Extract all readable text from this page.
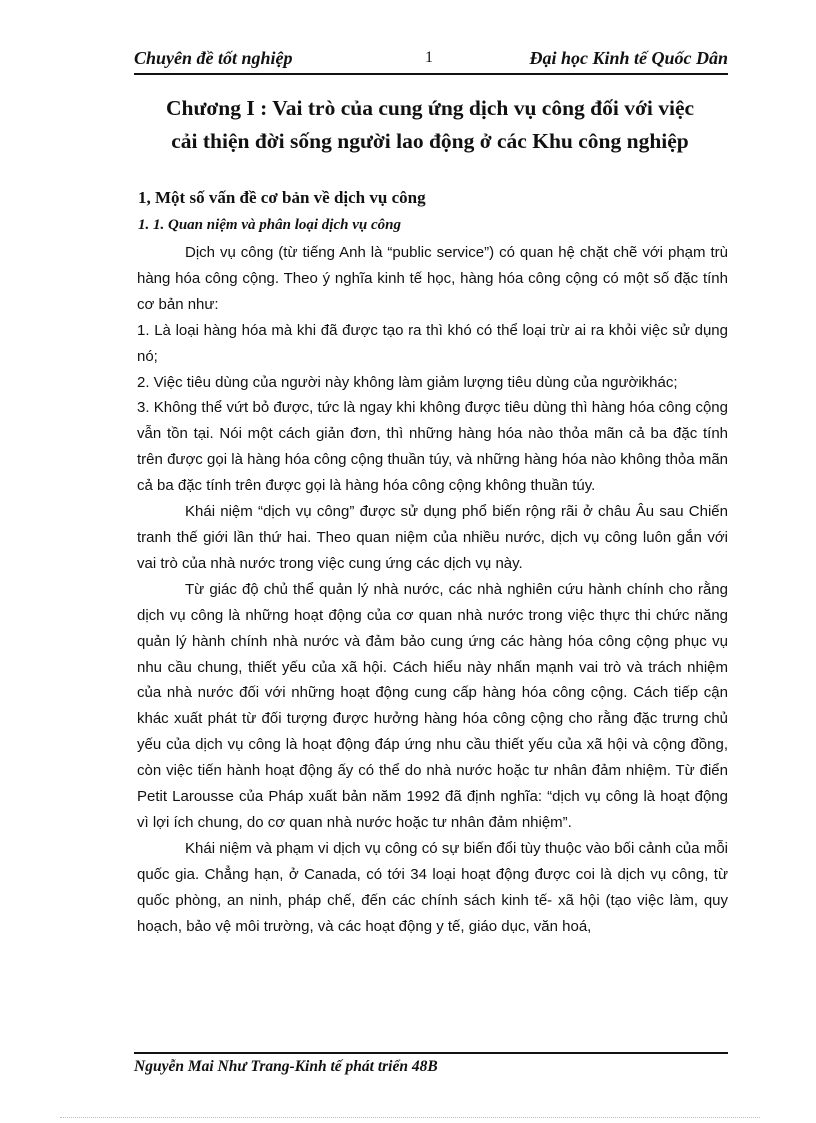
Chuyên đề tốt nghiệp	1	Đại học Kinh tế Quốc Dân
Chương I : Vai trò của cung ứng dịch vụ công đối với việc
cải thiện đời sống người lao động ở các Khu công nghiệp
1, Một số vấn đề cơ bản về dịch vụ công
1. 1. Quan niệm và phân loại dịch vụ công

Dịch vụ công (từ tiếng Anh là “public service”) có quan hệ chặt chẽ với phạm trù hàng hóa công cộng. Theo ý nghĩa kinh tế học, hàng hóa công cộng có một số đặc tính cơ bản như:

1. Là loại hàng hóa mà khi đã được tạo ra thì khó có thể loại trừ ai ra khỏi việc sử dụng nó;

2. Việc tiêu dùng của người này không làm giảm lượng tiêu dùng của ngườikhác;

3. Không thể vứt bỏ được, tức là ngay khi không được tiêu dùng thì hàng hóa công cộng vẫn tồn tại. Nói một cách giản đơn, thì những hàng hóa nào thỏa mãn cả ba đặc tính trên được gọi là hàng hóa công cộng thuần túy, và những hàng hóa nào không thỏa mãn cả ba đặc tính trên được gọi là hàng hóa công cộng không thuần túy.

Khái niệm “dịch vụ công” được sử dụng phổ biến rộng rãi ở châu Âu sau Chiến tranh thế giới lần thứ hai. Theo quan niệm của nhiều nước, dịch vụ công luôn gắn với vai trò của nhà nước trong việc cung ứng các dịch vụ này.

Từ giác độ chủ thể quản lý nhà nước, các nhà nghiên cứu hành chính cho rằng dịch vụ công là những hoạt động của cơ quan nhà nước trong việc thực thi chức năng quản lý hành chính nhà nước và đảm bảo cung ứng các hàng hóa công cộng phục vụ nhu cầu chung, thiết yếu của xã hội. Cách hiểu này nhấn mạnh vai trò và trách nhiệm của nhà nước đối với những hoạt động cung cấp hàng hóa công cộng. Cách tiếp cận khác xuất phát từ đối tượng được hưởng hàng hóa công cộng cho rằng đặc trưng chủ yếu của dịch vụ công là hoạt động đáp ứng nhu cầu thiết yếu của xã hội và cộng đồng, còn việc tiến hành hoạt động ấy có thể do nhà nước hoặc tư nhân đảm nhiệm. Từ điển Petit Larousse của Pháp xuất bản năm 1992 đã định nghĩa: “dịch vụ công là hoạt động vì lợi ích chung, do cơ quan nhà nước hoặc tư nhân đảm nhiệm”.

Khái niệm và phạm vi dịch vụ công có sự biến đổi tùy thuộc vào bối cảnh của mỗi quốc gia. Chẳng hạn, ở Canada, có tới 34 loại hoạt động được coi là dịch vụ công, từ quốc phòng, an ninh, pháp chế, đến các chính sách kinh tế- xã hội (tạo việc làm, quy hoạch, bảo vệ môi trường, và các hoạt động y tế, giáo dục, văn hoá,

Nguyễn Mai Như Trang-Kinh tế phát triển 48B
